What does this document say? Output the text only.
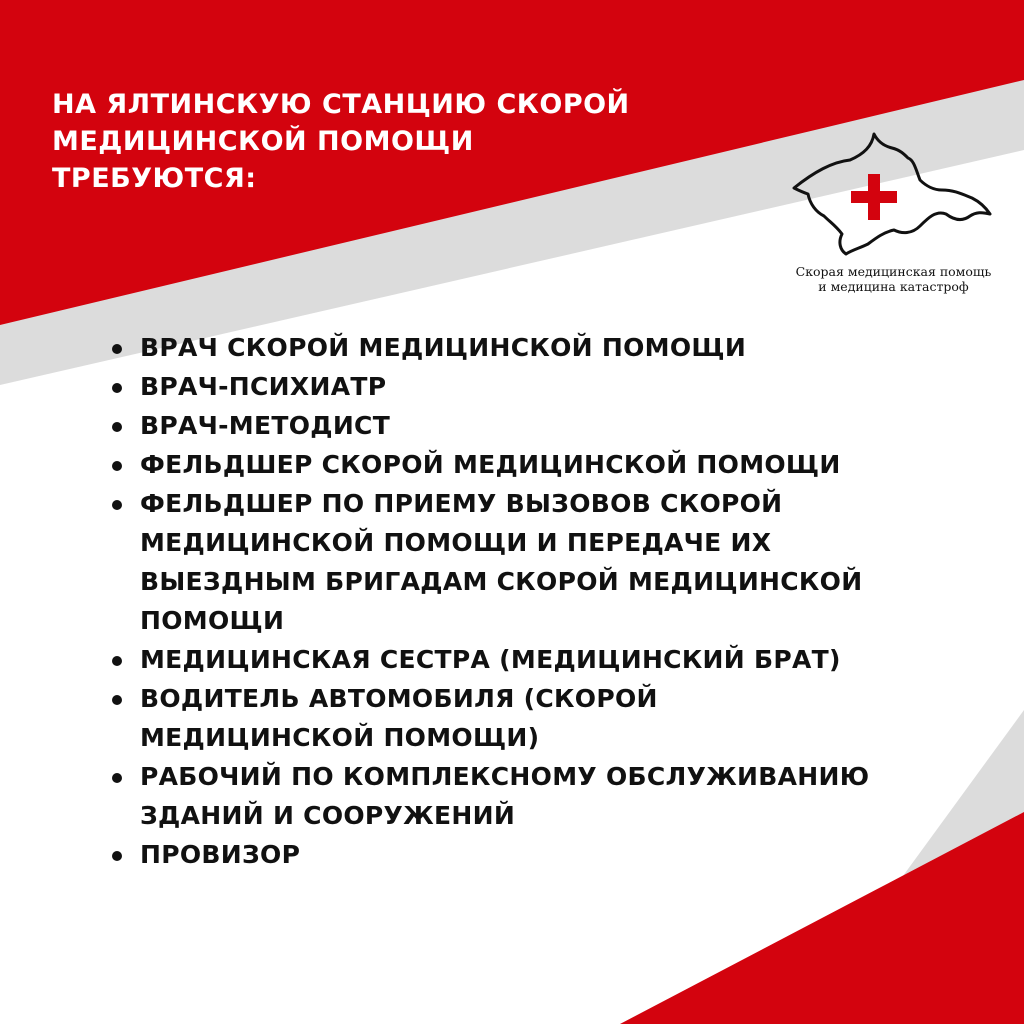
НА ЯЛТИНСКУЮ СТАНЦИЮ СКОРОЙ
МЕДИЦИНСКОЙ ПОМОЩИ ТРЕБУЮТСЯ:

Скорая медицинская помощь
и медицина катастроф

ВРАЧ СКОРОЙ МЕДИЦИНСКОЙ ПОМОЩИ
ВРАЧ-ПСИХИАТР
ВРАЧ-МЕТОДИСТ
ФЕЛЬДШЕР СКОРОЙ МЕДИЦИНСКОЙ ПОМОЩИ
ФЕЛЬДШЕР ПО ПРИЕМУ ВЫЗОВОВ СКОРОЙ
МЕДИЦИНСКОЙ ПОМОЩИ И ПЕРЕДАЧЕ ИХ
ВЫЕЗДНЫМ БРИГАДАМ СКОРОЙ МЕДИЦИНСКОЙ
ПОМОЩИ
МЕДИЦИНСКАЯ СЕСТРА (МЕДИЦИНСКИЙ БРАТ)
ВОДИТЕЛЬ АВТОМОБИЛЯ (СКОРОЙ
МЕДИЦИНСКОЙ ПОМОЩИ)
РАБОЧИЙ ПО КОМПЛЕКСНОМУ ОБСЛУЖИВАНИЮ
ЗДАНИЙ И СООРУЖЕНИЙ
ПРОВИЗОР
